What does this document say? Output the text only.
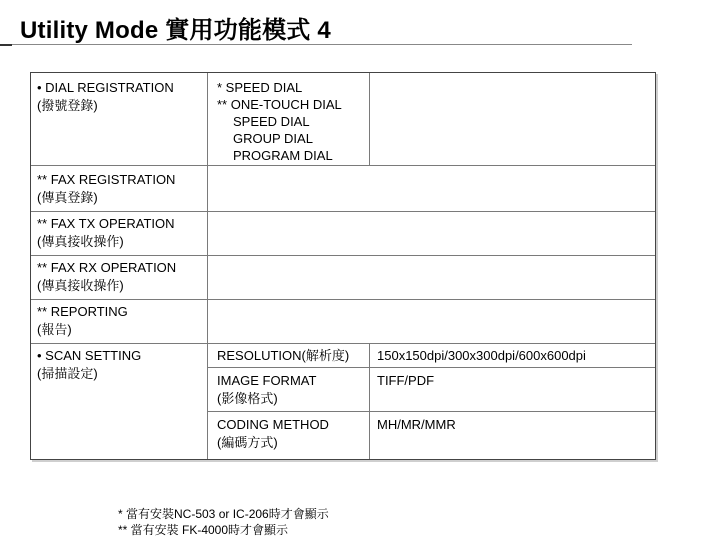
Utility Mode 實用功能模式 4
• DIAL REGISTRATION
(撥號登錄)
* SPEED DIAL
** ONE-TOUCH DIAL
SPEED DIAL
GROUP DIAL
PROGRAM DIAL
** FAX REGISTRATION
(傳真登錄)
** FAX TX OPERATION
(傳真接收操作)
** FAX RX OPERATION
(傳真接收操作)
** REPORTING
(報告)
• SCAN SETTING
(掃描設定)
RESOLUTION(解析度) 150x150dpi/300x300dpi/600x600dpi
IMAGE FORMAT
(影像格式)
TIFF/PDF
CODING METHOD
(編碼方式)
MH/MR/MMR
* 當有安裝NC-503 or IC-206時才會顯示
** 當有安裝 FK-4000時才會顯示
